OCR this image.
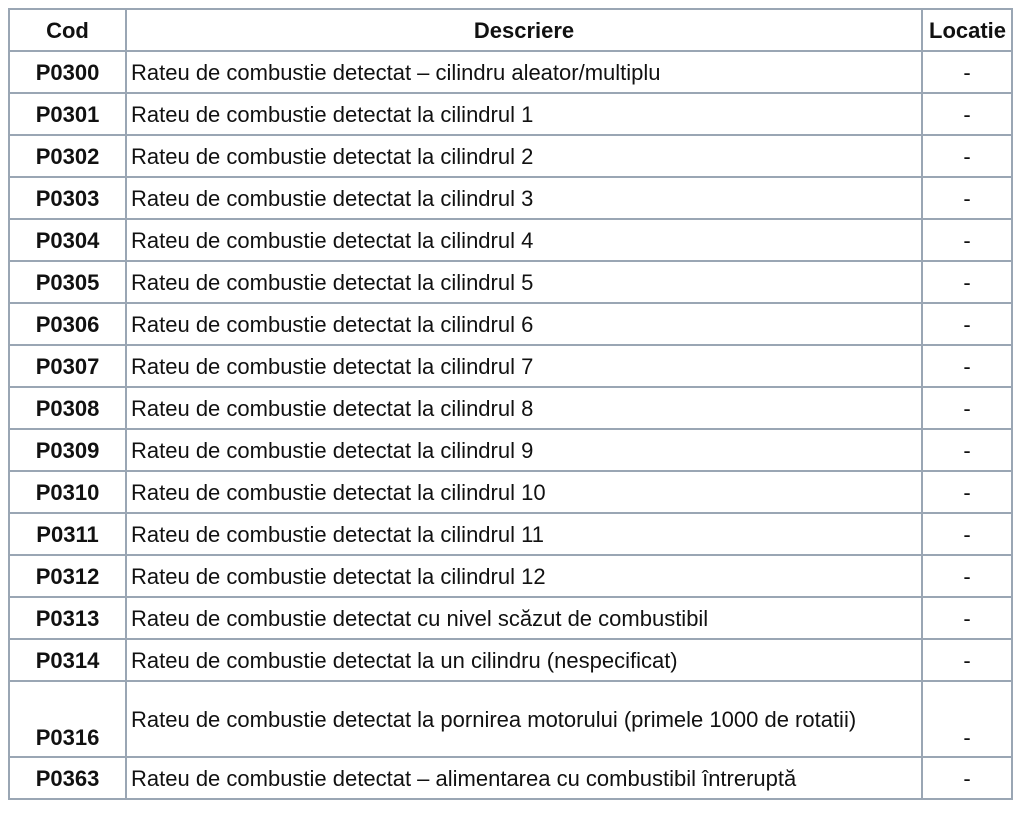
Cod	Descriere	Locatie
P0300	Rateu de combustie detectat – cilindru aleator/multiplu	-
P0301	Rateu de combustie detectat la cilindrul 1	-
P0302	Rateu de combustie detectat la cilindrul 2	-
P0303	Rateu de combustie detectat la cilindrul 3	-
P0304	Rateu de combustie detectat la cilindrul 4	-
P0305	Rateu de combustie detectat la cilindrul 5	-
P0306	Rateu de combustie detectat la cilindrul 6	-
P0307	Rateu de combustie detectat la cilindrul 7	-
P0308	Rateu de combustie detectat la cilindrul 8	-
P0309	Rateu de combustie detectat la cilindrul 9	-
P0310	Rateu de combustie detectat la cilindrul 10	-
P0311	Rateu de combustie detectat la cilindrul 11	-
P0312	Rateu de combustie detectat la cilindrul 12	-
P0313	Rateu de combustie detectat cu nivel scăzut de combustibil	-
P0314	Rateu de combustie detectat la un cilindru (nespecificat)	-
P0316	Rateu de combustie detectat la pornirea motorului (primele 1000 de rotatii)	-
P0363	Rateu de combustie detectat – alimentarea cu combustibil întreruptă	-
